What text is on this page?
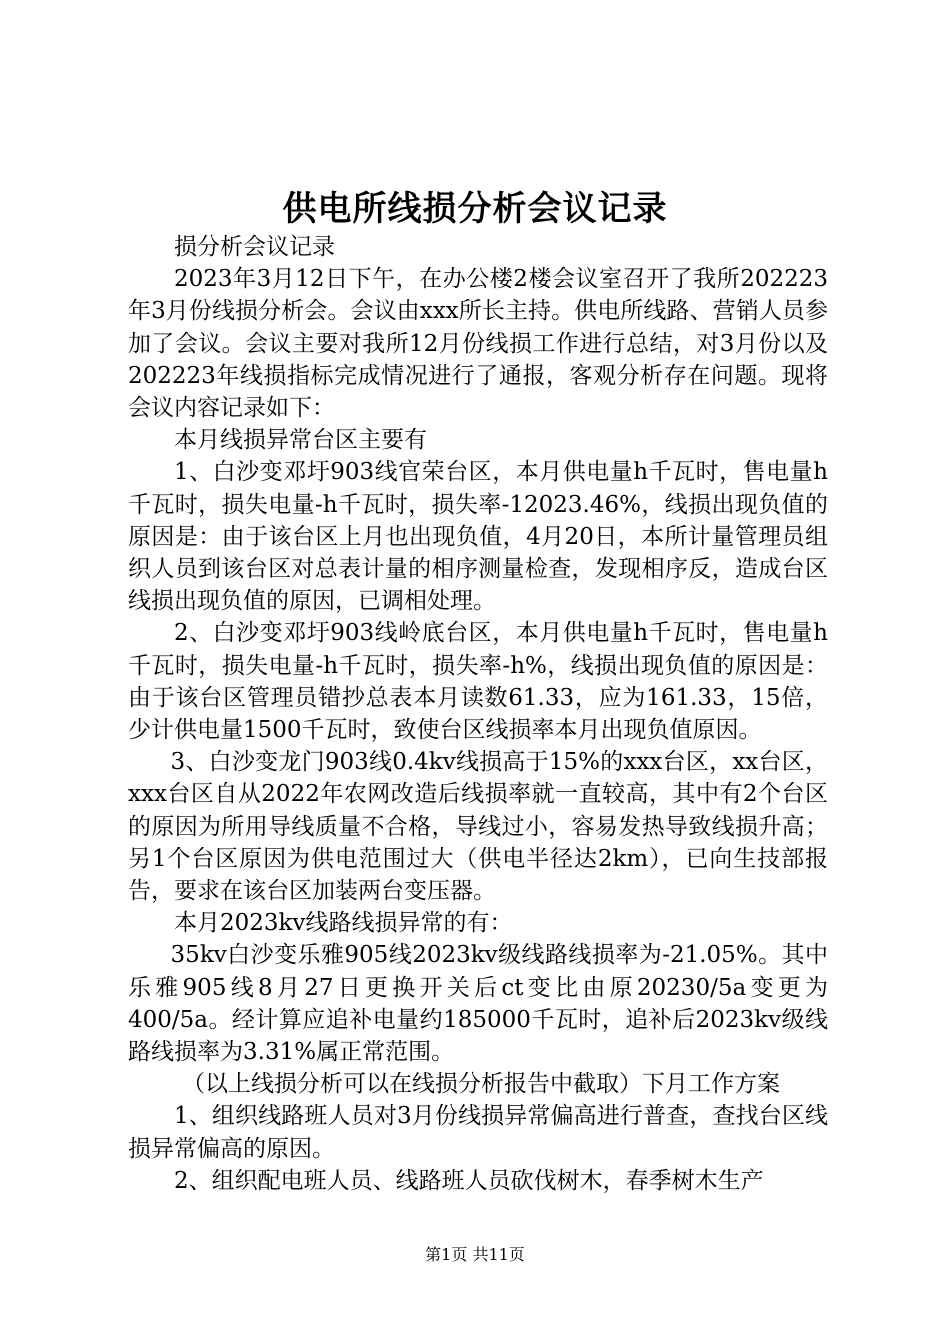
供电所线损分析会议记录

损分析会议记录

2023年3月12日下午，在办公楼2楼会议室召开了我所202223年3月份线损分析会。会议由xxx所长主持。供电所线路、营销人员参加了会议。会议主要对我所12月份线损工作进行总结，对3月份以及202223年线损指标完成情况进行了通报，客观分析存在问题。现将会议内容记录如下：

本月线损异常台区主要有

1、白沙变邓圩903线官荣台区，本月供电量h千瓦时，售电量h千瓦时，损失电量-h千瓦时，损失率-12023.46%，线损出现负值的原因是：由于该台区上月也出现负值，4月20日，本所计量管理员组织人员到该台区对总表计量的相序测量检查，发现相序反，造成台区线损出现负值的原因，已调相处理。

2、白沙变邓圩903线岭底台区，本月供电量h千瓦时，售电量h千瓦时，损失电量-h千瓦时，损失率-h%，线损出现负值的原因是：由于该台区管理员错抄总表本月读数61.33，应为161.33，15倍，少计供电量1500千瓦时，致使台区线损率本月出现负值原因。

3、白沙变龙门903线0.4kv线损高于15%的xxx台区，xx台区，xxx台区自从2022年农网改造后线损率就一直较高，其中有2个台区的原因为所用导线质量不合格，导线过小，容易发热导致线损升高；另1个台区原因为供电范围过大（供电半径达2km），已向生技部报告，要求在该台区加装两台变压器。

本月2023kv线路线损异常的有：

35kv白沙变乐雅905线2023kv级线路线损率为-21.05%。其中乐雅905线8月27日更换开关后ct变比由原20230/5a变更为400/5a。经计算应追补电量约185000千瓦时，追补后2023kv级线路线损率为3.31%属正常范围。

（以上线损分析可以在线损分析报告中截取）下月工作方案

1、组织线路班人员对3月份线损异常偏高进行普查，查找台区线损异常偏高的原因。

2、组织配电班人员、线路班人员砍伐树木，春季树木生产

第1页 共11页
